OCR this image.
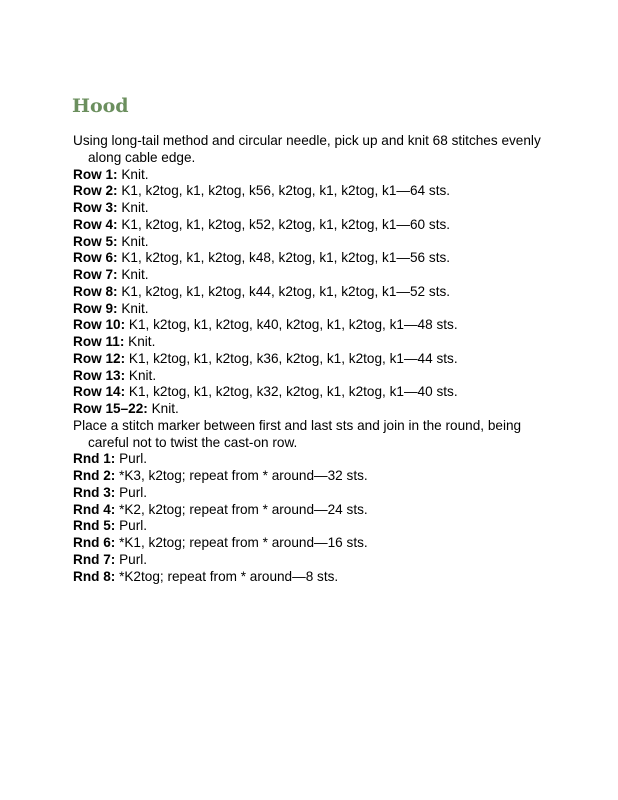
Hood

Using long-tail method and circular needle, pick up and knit 68 stitches evenly along cable edge.

Row 1: Knit.

Row 2: K1, k2tog, k1, k2tog, k56, k2tog, k1, k2tog, k1—64 sts.

Row 3: Knit.

Row 4: K1, k2tog, k1, k2tog, k52, k2tog, k1, k2tog, k1—60 sts.

Row 5: Knit.

Row 6: K1, k2tog, k1, k2tog, k48, k2tog, k1, k2tog, k1—56 sts.

Row 7: Knit.

Row 8: K1, k2tog, k1, k2tog, k44, k2tog, k1, k2tog, k1—52 sts.

Row 9: Knit.

Row 10: K1, k2tog, k1, k2tog, k40, k2tog, k1, k2tog, k1—48 sts.

Row 11: Knit.

Row 12: K1, k2tog, k1, k2tog, k36, k2tog, k1, k2tog, k1—44 sts.

Row 13: Knit.

Row 14: K1, k2tog, k1, k2tog, k32, k2tog, k1, k2tog, k1—40 sts.

Row 15–22: Knit.

Place a stitch marker between first and last sts and join in the round, being careful not to twist the cast-on row.

Rnd 1: Purl.

Rnd 2: *K3, k2tog; repeat from * around—32 sts.

Rnd 3: Purl.

Rnd 4: *K2, k2tog; repeat from * around—24 sts.

Rnd 5: Purl.

Rnd 6: *K1, k2tog; repeat from * around—16 sts.

Rnd 7: Purl.

Rnd 8: *K2tog; repeat from * around—8 sts.
